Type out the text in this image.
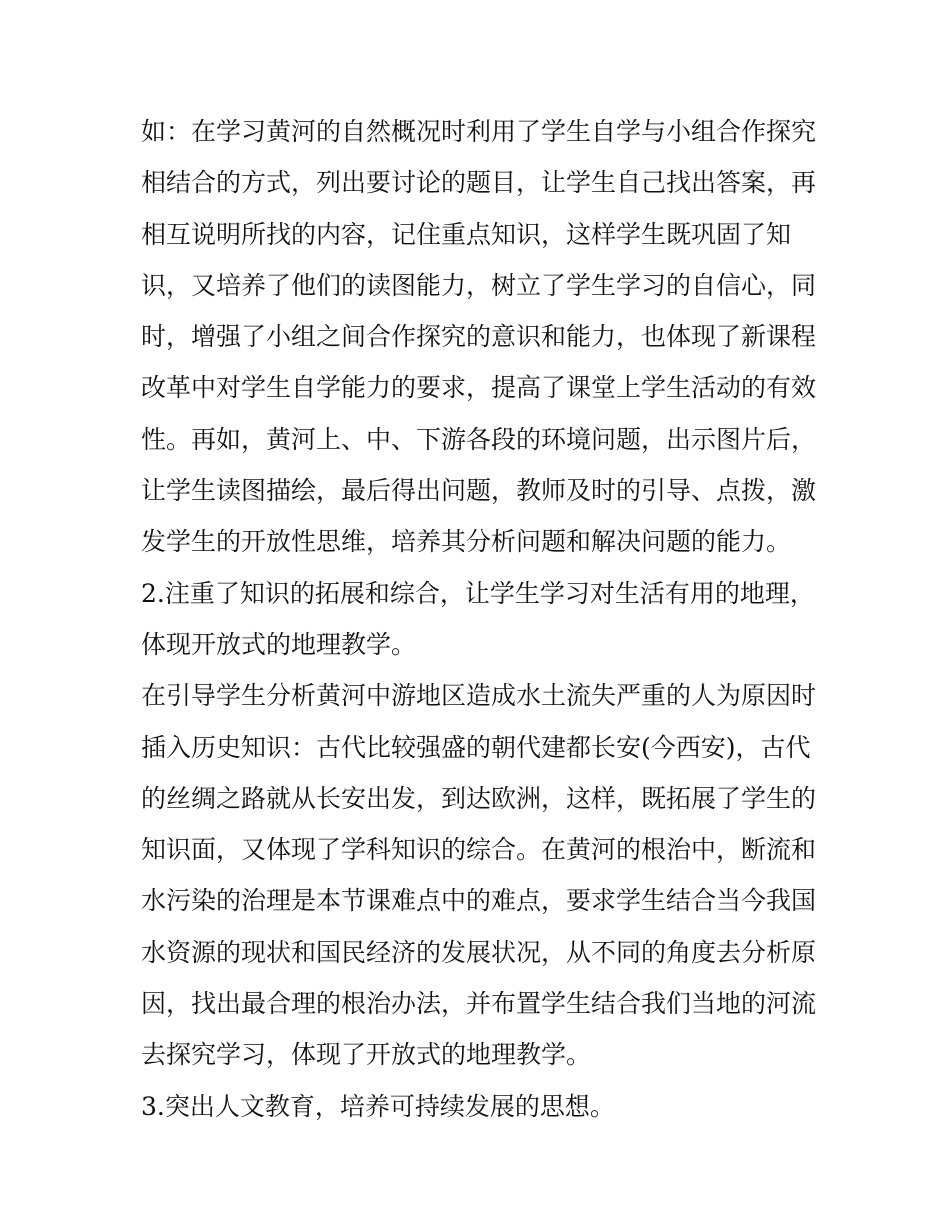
如：在学习黄河的自然概况时利用了学生自学与小组合作探究
相结合的方式，列出要讨论的题目，让学生自己找出答案，再
相互说明所找的内容，记住重点知识，这样学生既巩固了知
识，又培养了他们的读图能力，树立了学生学习的自信心，同
时，增强了小组之间合作探究的意识和能力，也体现了新课程
改革中对学生自学能力的要求，提高了课堂上学生活动的有效
性。再如，黄河上、中、下游各段的环境问题，出示图片后，
让学生读图描绘，最后得出问题，教师及时的引导、点拨，激
发学生的开放性思维，培养其分析问题和解决问题的能力。
2.注重了知识的拓展和综合，让学生学习对生活有用的地理，
体现开放式的地理教学。
在引导学生分析黄河中游地区造成水土流失严重的人为原因时
插入历史知识：古代比较强盛的朝代建都长安(今西安)，古代
的丝绸之路就从长安出发，到达欧洲，这样，既拓展了学生的
知识面，又体现了学科知识的综合。在黄河的根治中，断流和
水污染的治理是本节课难点中的难点，要求学生结合当今我国
水资源的现状和国民经济的发展状况，从不同的角度去分析原
因，找出最合理的根治办法，并布置学生结合我们当地的河流
去探究学习，体现了开放式的地理教学。
3.突出人文教育，培养可持续发展的思想。
